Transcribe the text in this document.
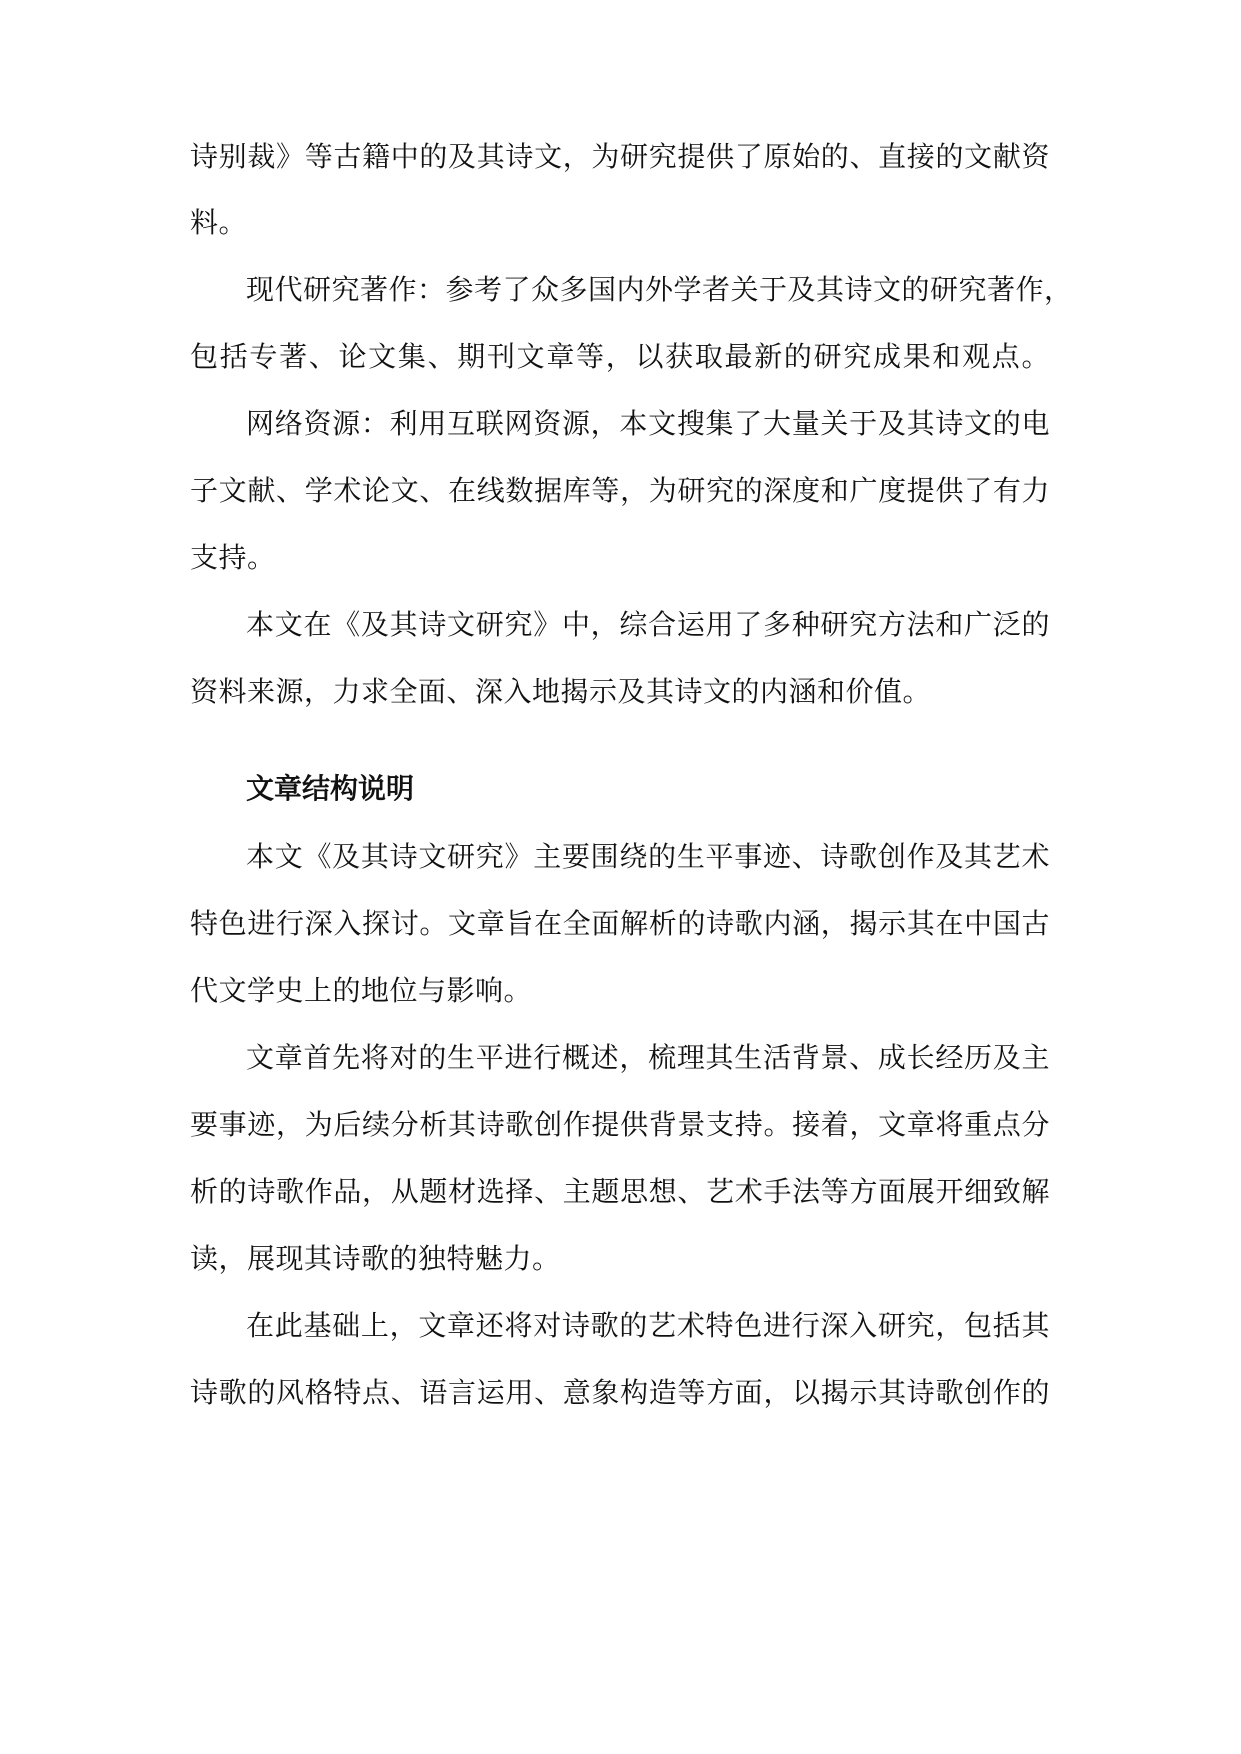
诗别裁》等古籍中的及其诗文，为研究提供了原始的、直接的文献资
料。
现代研究著作：参考了众多国内外学者关于及其诗文的研究著作，
包括专著、论文集、期刊文章等，以获取最新的研究成果和观点。
网络资源：利用互联网资源，本文搜集了大量关于及其诗文的电
子文献、学术论文、在线数据库等，为研究的深度和广度提供了有力
支持。
本文在《及其诗文研究》中，综合运用了多种研究方法和广泛的
资料来源，力求全面、深入地揭示及其诗文的内涵和价值。
文章结构说明
本文《及其诗文研究》主要围绕的生平事迹、诗歌创作及其艺术
特色进行深入探讨。文章旨在全面解析的诗歌内涵，揭示其在中国古
代文学史上的地位与影响。
文章首先将对的生平进行概述，梳理其生活背景、成长经历及主
要事迹，为后续分析其诗歌创作提供背景支持。接着，文章将重点分
析的诗歌作品，从题材选择、主题思想、艺术手法等方面展开细致解
读，展现其诗歌的独特魅力。
在此基础上，文章还将对诗歌的艺术特色进行深入研究，包括其
诗歌的风格特点、语言运用、意象构造等方面，以揭示其诗歌创作的
